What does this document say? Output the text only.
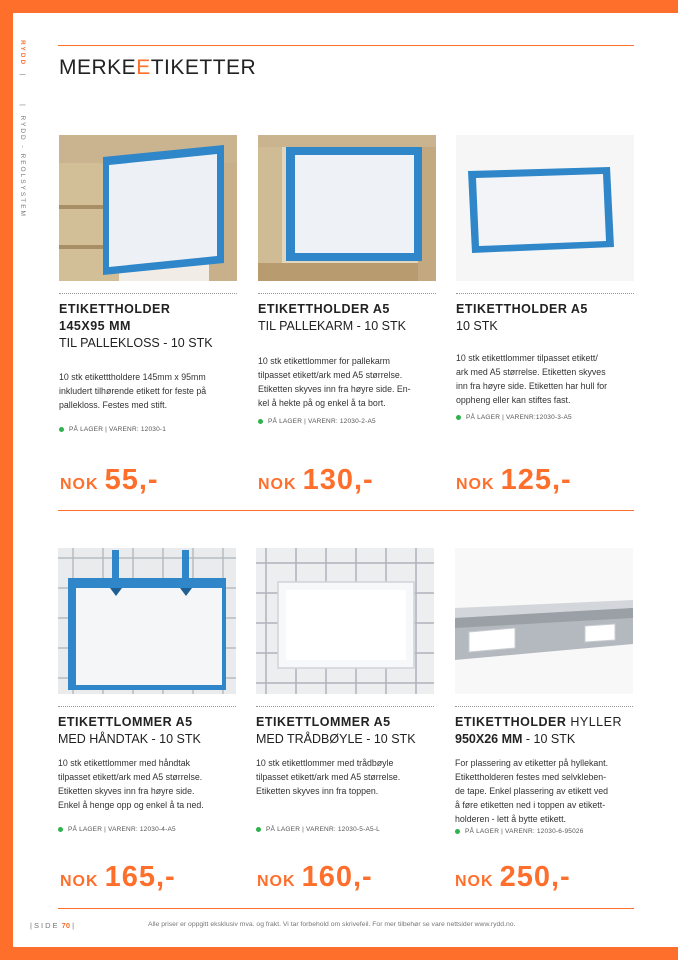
RYDD  |       |  RYDD - REOLSYSTEM
MERKEETIKETTER
ETIKETTHOLDER
145X95 MM
TIL PALLEKLOSS - 10 STK
10 stk etiketttholdere 145mm x 95mm
inkludert tilhørende etikett for feste på
pallekloss. Festes med stift.
PÅ LAGER | VARENR: 12030-1
ETIKETTHOLDER A5
TIL PALLEKARM - 10 STK
10 stk etikettlommer for pallekarm
tilpasset etikett/ark med A5 størrelse.
Etiketten skyves inn fra høyre side. En-
kel å hekte på og enkel å ta bort.
PÅ LAGER | VARENR: 12030-2-A5
ETIKETTHOLDER A5
10 STK
10 stk etikettlommer tilpasset etikett/
ark med A5 størrelse. Etiketten skyves
inn fra høyre side. Etiketten har hull for
oppheng eller kan stiftes fast.
PÅ LAGER | VARENR:12030-3-A5
NOK 55,-	NOK 130,-	NOK 125,-
ETIKETTLOMMER A5
MED HÅNDTAK - 10 STK
10 stk etikettlommer med håndtak
tilpasset etikett/ark med A5 størrelse.
Etiketten skyves inn fra høyre side.
Enkel å henge opp og enkel å ta ned.
PÅ LAGER | VARENR: 12030-4-A5
ETIKETTLOMMER A5
MED TRÅDBØYLE - 10 STK
10 stk etikettlommer med trådbøyle
tilpasset etikett/ark med A5 størrelse.
Etiketten skyves inn fra toppen.
PÅ LAGER | VARENR: 12030-5-A5-L
ETIKETTHOLDER HYLLER
950X26 MM - 10 STK
For plassering av etiketter på hyllekant.
Etikettholderen festes med selvkleben-
de tape. Enkel plassering av etikett ved
å føre etiketten ned i toppen av etikett-
holderen - lett å bytte etikett.
PÅ LAGER | VARENR: 12030-6-95026
NOK 165,-	NOK 160,-	NOK 250,-
| SIDE 70 |	Alle priser er oppgitt eksklusiv mva. og frakt. Vi tar forbehold om skrivefeil. For mer tilbehør se vare nettsider www.rydd.no.
